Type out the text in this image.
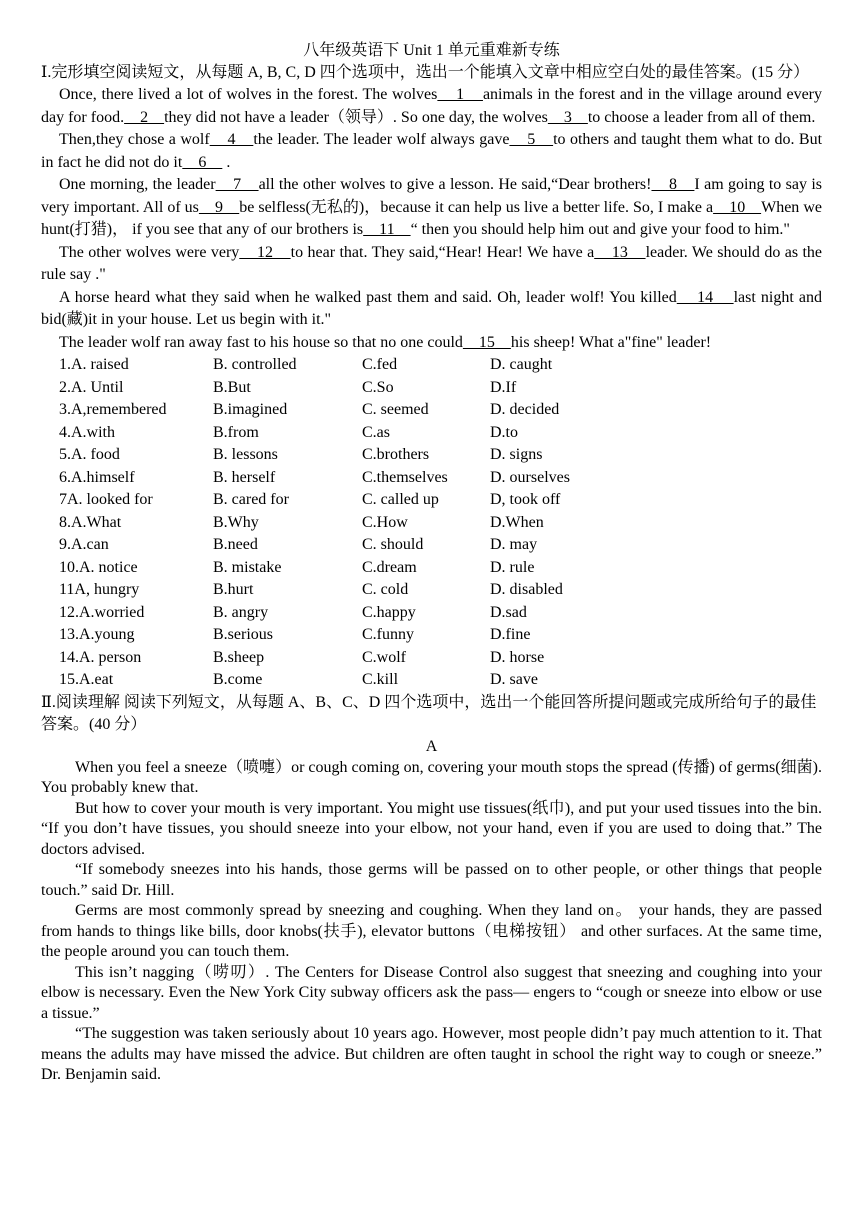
八年级英语下 Unit 1 单元重难新专练
Ⅰ.完形填空阅读短文，从每题 A, B, C, D 四个选项中，选出一个能填入文章中相应空白处的最佳答案。(15 分）

Once, there lived a lot of wolves in the forest. The wolves    1    animals in the forest and in the village around every day for food.    2    they did not have a leader（领导）. So one day, the wolves    3    to choose a leader from all of them.

Then,they chose a wolf    4    the leader. The leader wolf always gave    5    to others and taught them what to do. But in fact he did not do it    6     .

One morning, the leader    7    all the other wolves to give a lesson. He said,“Dear brothers!    8    I am going to say is very important. All of us    9    be selfless(无私的)，because it can help us live a better life. So, I make a    10    When we hunt(打猎)， if you see that any of our brothers is    11    “ then you should help him out and give your food to him."

The other wolves were very    12    to hear that. They said,“Hear! Hear! We have a    13    leader. We should do as the rule say ."

A horse heard what they said when he walked past them and said. Oh, leader wolf! You killed    14    last night and bid(藏)it in your house. Let us begin with it."

The leader wolf ran away fast to his house so that no one could    15    his sheep! What a"fine" leader!

1.A. raised	B. controlled	C.fed	D. caught
2.A. Until	B.But	C.So	D.If
3.A,remembered	B.imagined	C. seemed	D. decided
4.A.with	B.from	C.as	D.to
5.A. food	B. lessons	C.brothers	D. signs
6.A.himself	B. herself	C.themselves	D. ourselves
7A. looked for	B. cared for	C. called up	D, took off
8.A.What	B.Why	C.How	D.When
9.A.can	B.need	C. should	D. may
10.A. notice	B. mistake	C.dream	D. rule
11A, hungry	B.hurt	C. cold	D. disabled
12.A.worried	B. angry	C.happy	D.sad
13.A.young	B.serious	C.funny	D.fine
14.A. person	B.sheep	C.wolf	D. horse
15.A.eat	B.come	C.kill	D. save
Ⅱ.阅读理解 阅读下列短文，从每题 A、B、C、D 四个选项中，选出一个能回答所提问题或完成所给句子的最佳答案。(40 分）
A

When you feel a sneeze（喷嚏）or cough coming on, covering your mouth stops the spread (传播) of germs(细菌). You probably knew that.

But how to cover your mouth is very important. You might use tissues(纸巾), and put your used tissues into the bin. “If you don’t have tissues, you should sneeze into your elbow, not your hand, even if you are used to doing that.” The doctors advised.

“If somebody sneezes into his hands, those germs will be passed on to other people, or other things that people touch.” said Dr. Hill.

Germs are most commonly spread by sneezing and coughing. When they land on。 your hands, they are passed from hands to things like bills, door knobs(扶手), elevator buttons（电梯按钮） and other surfaces. At the same time, the people around you can touch them.

This isn’t nagging（唠叨）. The Centers for Disease Control also suggest that sneezing and coughing into your elbow is necessary. Even the New York City subway officers ask the pass— engers to “cough or sneeze into elbow or use a tissue.”

“The suggestion was taken seriously about 10 years ago. However, most people didn’t pay much attention to it. That means the adults may have missed the advice. But children are often taught in school the right way to cough or sneeze.” Dr. Benjamin said.
